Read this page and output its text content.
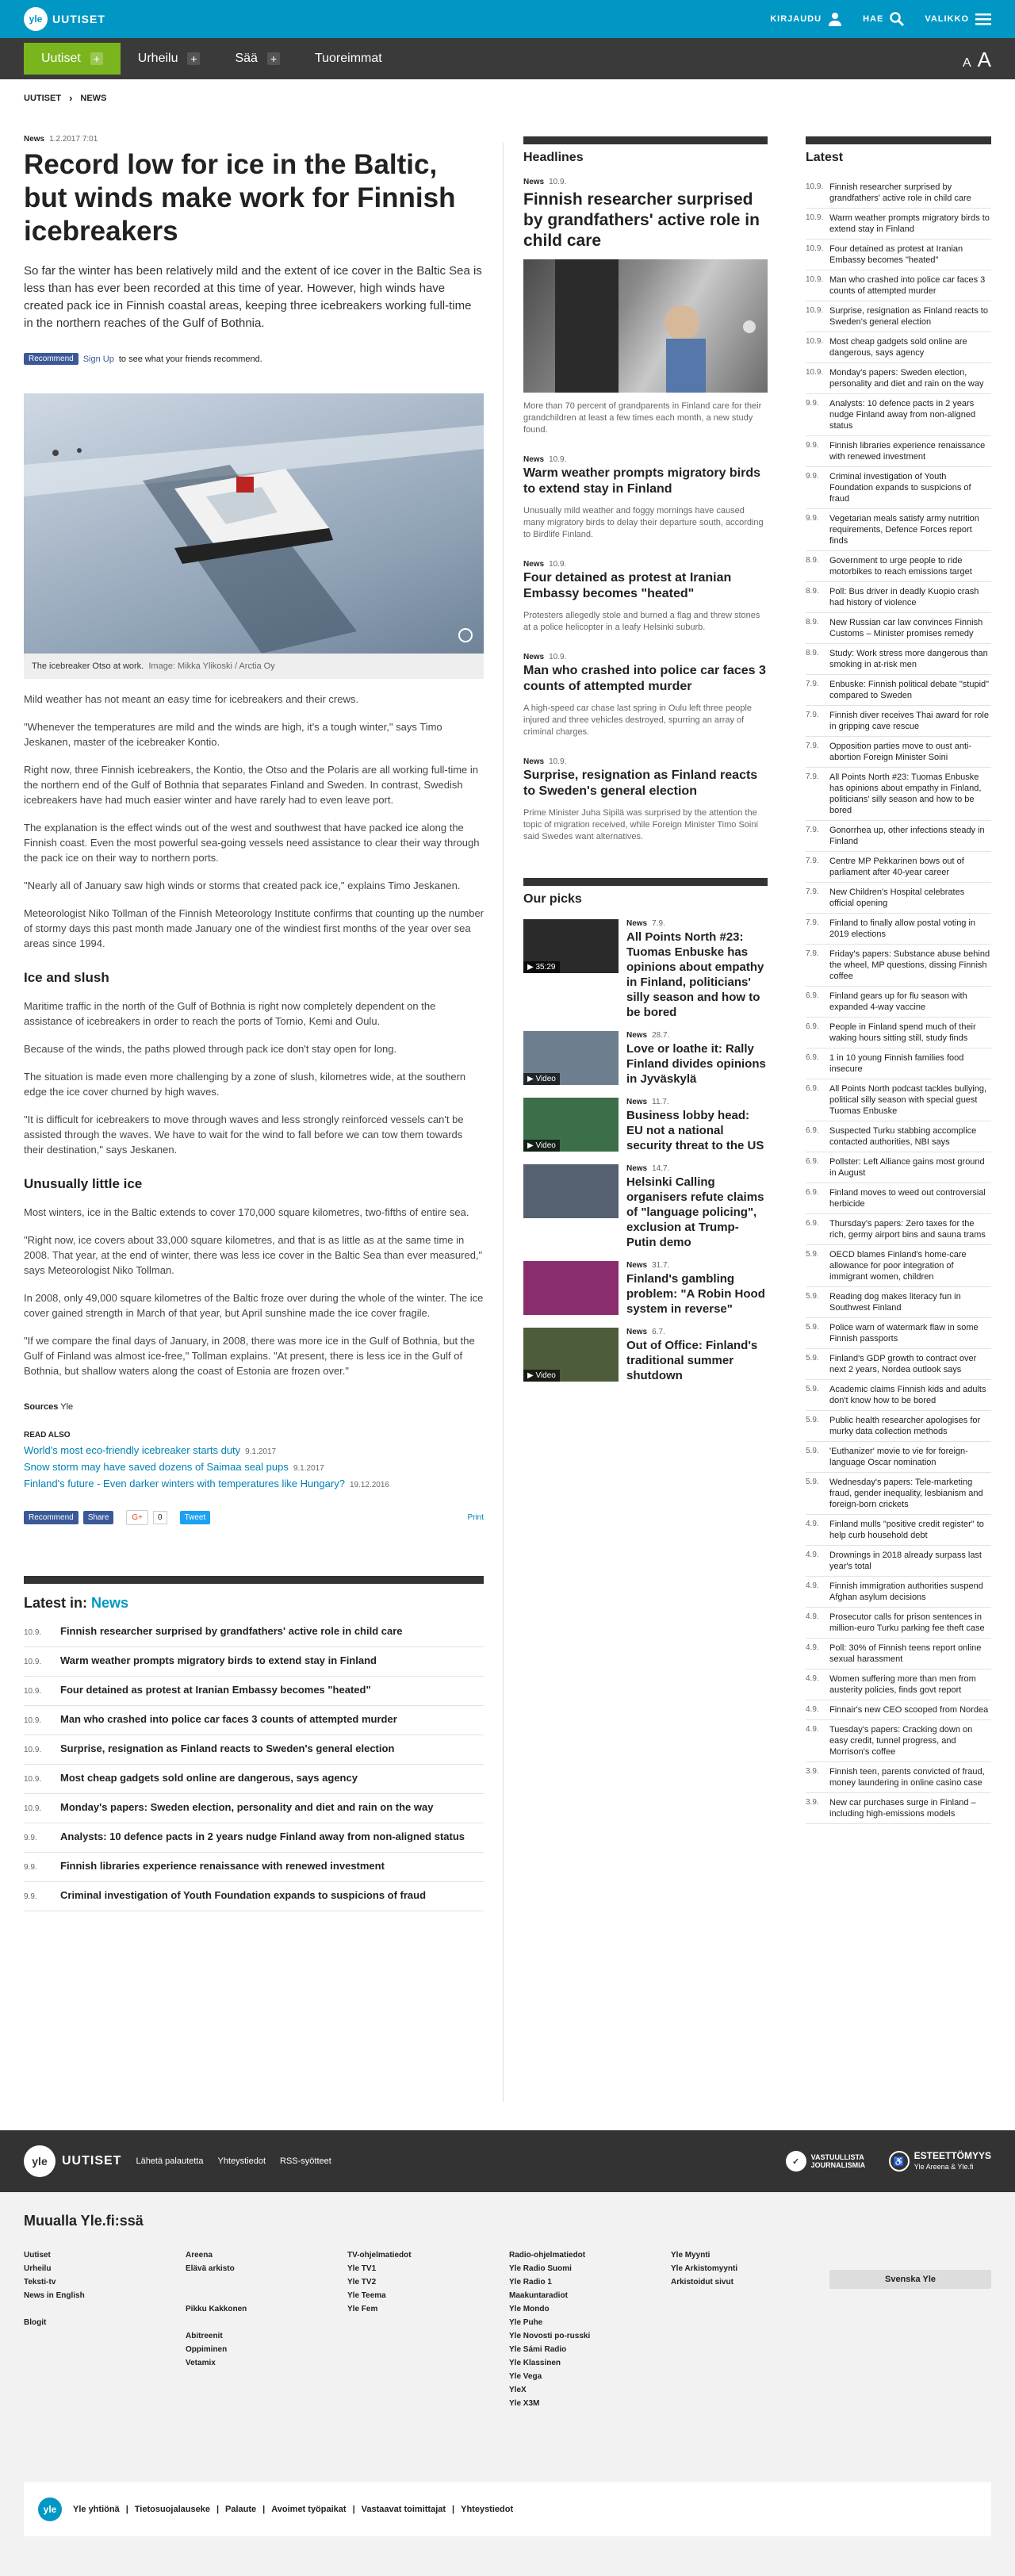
yle UUTISET	KIRJAUDU	HAE	VALIKKO
Uutiset +	Urheilu +	Sää +	Tuoreimmat	A A
UUTISET › NEWS
News 1.2.2017 7:01
Record low for ice in the Baltic, but winds make work for Finnish icebreakers

So far the winter has been relatively mild and the extent of ice cover in the Baltic Sea is less than has ever been recorded at this time of year. However, high winds have created pack ice in Finnish coastal areas, keeping three icebreakers working full-time in the northern reaches of the Gulf of Bothnia.

Recommend	Sign Up to see what your friends recommend.
The icebreaker Otso at work. Image: Mikka Ylikoski / Arctia Oy

Mild weather has not meant an easy time for icebreakers and their crews.

"Whenever the temperatures are mild and the winds are high, it's a tough winter," says Timo Jeskanen, master of the icebreaker Kontio.

Right now, three Finnish icebreakers, the Kontio, the Otso and the Polaris are all working full-time in the northern end of the Gulf of Bothnia that separates Finland and Sweden. In contrast, Swedish icebreakers have had much easier winter and have rarely had to even leave port.

The explanation is the effect winds out of the west and southwest that have packed ice along the Finnish coast. Even the most powerful sea-going vessels need assistance to clear their way through the pack ice on their way to northern ports.

"Nearly all of January saw high winds or storms that created pack ice," explains Timo Jeskanen.

Meteorologist Niko Tollman of the Finnish Meteorology Institute confirms that counting up the number of stormy days this past month made January one of the windiest first months of the year over sea areas since 1994.

Ice and slush

Maritime traffic in the north of the Gulf of Bothnia is right now completely dependent on the assistance of icebreakers in order to reach the ports of Tornio, Kemi and Oulu.

Because of the winds, the paths plowed through pack ice don't stay open for long.

The situation is made even more challenging by a zone of slush, kilometres wide, at the southern edge the ice cover churned by high waves.

"It is difficult for icebreakers to move through waves and less strongly reinforced vessels can't be assisted through the waves. We have to wait for the wind to fall before we can tow them towards their destination," says Jeskanen.

Unusually little ice

Most winters, ice in the Baltic extends to cover 170,000 square kilometres, two-fifths of entire sea.

"Right now, ice covers about 33,000 square kilometres, and that is as little as at the same time in 2008. That year, at the end of winter, there was less ice cover in the Baltic Sea than ever measured," says Meteorologist Niko Tollman.

In 2008, only 49,000 square kilometres of the Baltic froze over during the whole of the winter. The ice cover gained strength in March of that year, but April sunshine made the ice cover fragile.

"If we compare the final days of January, in 2008, there was more ice in the Gulf of Bothnia, but the Gulf of Finland was almost ice-free," Tollman explains. "At present, there is less ice in the Gulf of Bothnia, but shallow waters along the coast of Estonia are frozen over."

Sources Yle
READ ALSO
World's most eco-friendly icebreaker starts duty 9.1.2017
Snow storm may have saved dozens of Saimaa seal pups 9.1.2017
Finland's future - Even darker winters with temperatures like Hungary? 19.12.2016
Recommend	Share	G+	0	Tweet	Print
Latest in: News
10.9.	Finnish researcher surprised by grandfathers' active role in child care
10.9.	Warm weather prompts migratory birds to extend stay in Finland
10.9.	Four detained as protest at Iranian Embassy becomes "heated"
10.9.	Man who crashed into police car faces 3 counts of attempted murder
10.9.	Surprise, resignation as Finland reacts to Sweden's general election
10.9.	Most cheap gadgets sold online are dangerous, says agency
10.9.	Monday's papers: Sweden election, personality and diet and rain on the way
9.9.	Analysts: 10 defence pacts in 2 years nudge Finland away from non-aligned status
9.9.	Finnish libraries experience renaissance with renewed investment
9.9.	Criminal investigation of Youth Foundation expands to suspicions of fraud
Headlines
News 10.9.
Finnish researcher surprised by grandfathers' active role in child care

More than 70 percent of grandparents in Finland care for their grandchildren at least a few times each month, a new study found.

News 10.9.
Warm weather prompts migratory birds to extend stay in Finland

Unusually mild weather and foggy mornings have caused many migratory birds to delay their departure south, according to Birdlife Finland.

News 10.9.
Four detained as protest at Iranian Embassy becomes "heated"

Protesters allegedly stole and burned a flag and threw stones at a police helicopter in a leafy Helsinki suburb.

News 10.9.
Man who crashed into police car faces 3 counts of attempted murder

A high-speed car chase last spring in Oulu left three people injured and three vehicles destroyed, spurring an array of criminal charges.

News 10.9.
Surprise, resignation as Finland reacts to Sweden's general election

Prime Minister Juha Sipilä was surprised by the attention the topic of migration received, while Foreign Minister Timo Soini said Swedes want alternatives.

Our picks
▶ 35:29
News 7.9.
All Points North #23: Tuomas Enbuske has opinions about empathy in Finland, politicians' silly season and how to be bored
▶ Video
News 28.7.
Love or loathe it: Rally Finland divides opinions in Jyväskylä
▶ Video
News 11.7.
Business lobby head: EU not a national security threat to the US
News 14.7.
Helsinki Calling organisers refute claims of "language policing", exclusion at Trump-Putin demo
News 31.7.
Finland's gambling problem: "A Robin Hood system in reverse"
▶ Video
News 6.7.
Out of Office: Finland's traditional summer shutdown
Latest
10.9. Finnish researcher surprised by grandfathers' active role in child care
10.9. Warm weather prompts migratory birds to extend stay in Finland
10.9. Four detained as protest at Iranian Embassy becomes "heated"
10.9. Man who crashed into police car faces 3 counts of attempted murder
10.9. Surprise, resignation as Finland reacts to Sweden's general election
10.9. Most cheap gadgets sold online are dangerous, says agency
10.9. Monday's papers: Sweden election, personality and diet and rain on the way
9.9.	Analysts: 10 defence pacts in 2 years nudge Finland away from non-aligned status
9.9.	Finnish libraries experience renaissance with renewed investment
9.9.	Criminal investigation of Youth Foundation expands to suspicions of fraud
9.9.	Vegetarian meals satisfy army nutrition requirements, Defence Forces report finds
8.9.	Government to urge people to ride motorbikes to reach emissions target
8.9.	Poll: Bus driver in deadly Kuopio crash had history of violence
8.9.	New Russian car law convinces Finnish Customs – Minister promises remedy
8.9.	Study: Work stress more dangerous than smoking in at-risk men
7.9.	Enbuske: Finnish political debate "stupid" compared to Sweden
7.9.	Finnish diver receives Thai award for role in gripping cave rescue
7.9.	Opposition parties move to oust anti-abortion Foreign Minister Soini
7.9.	All Points North #23: Tuomas Enbuske has opinions about empathy in Finland, politicians' silly season and how to be bored
7.9.	Gonorrhea up, other infections steady in Finland
7.9.	Centre MP Pekkarinen bows out of parliament after 40-year career
7.9.	New Children's Hospital celebrates official opening
7.9.	Finland to finally allow postal voting in 2019 elections
7.9.	Friday's papers: Substance abuse behind the wheel, MP questions, dissing Finnish coffee
6.9.	Finland gears up for flu season with expanded 4-way vaccine
6.9.	People in Finland spend much of their waking hours sitting still, study finds
6.9.	1 in 10 young Finnish families food insecure
6.9.	All Points North podcast tackles bullying, political silly season with special guest Tuomas Enbuske
6.9.	Suspected Turku stabbing accomplice contacted authorities, NBI says
6.9.	Pollster: Left Alliance gains most ground in August
6.9.	Finland moves to weed out controversial herbicide
6.9.	Thursday's papers: Zero taxes for the rich, germy airport bins and sauna trams
5.9.	OECD blames Finland's home-care allowance for poor integration of immigrant women, children
5.9.	Reading dog makes literacy fun in Southwest Finland
5.9.	Police warn of watermark flaw in some Finnish passports
5.9.	Finland's GDP growth to contract over next 2 years, Nordea outlook says
5.9.	Academic claims Finnish kids and adults don't know how to be bored
5.9.	Public health researcher apologises for murky data collection methods
5.9.	'Euthanizer' movie to vie for foreign-language Oscar nomination
5.9.	Wednesday's papers: Tele-marketing fraud, gender inequality, lesbianism and foreign-born crickets
4.9.	Finland mulls "positive credit register" to help curb household debt
4.9.	Drownings in 2018 already surpass last year's total
4.9.	Finnish immigration authorities suspend Afghan asylum decisions
4.9.	Prosecutor calls for prison sentences in million-euro Turku parking fee theft case
4.9.	Poll: 30% of Finnish teens report online sexual harassment
4.9.	Women suffering more than men from austerity policies, finds govt report
4.9.	Finnair's new CEO scooped from Nordea
4.9.	Tuesday's papers: Cracking down on easy credit, tunnel progress, and Morrison's coffee
3.9.	Finnish teen, parents convicted of fraud, money laundering in online casino case
3.9.	New car purchases surge in Finland – including high-emissions models
yle	UUTISET Lähetä palautetta Yhteystiedot RSS-syötteet	✓	VASTUULLISTA JOURNALISMIA	♿
ESTEETTÖMYYS
Yle Areena & Yle.fi
Muualla Yle.fi:ssä
Uutiset
Urheilu
Teksti-tv
News in English

Blogit
Areena
Elävä arkisto

Pikku Kakkonen

Abitreenit
Oppiminen
Vetamix
TV-ohjelmatiedot
Yle TV1
Yle TV2
Yle Teema
Yle Fem
Radio-ohjelmatiedot
Yle Radio Suomi
Yle Radio 1
Maakuntaradiot
Yle Mondo
Yle Puhe
Yle Novosti po-russki
Yle Sámi Radio
Yle Klassinen
Yle Vega
YleX
Yle X3M
Yle Myynti
Yle Arkistomyynti
Arkistoidut sivut	Svenska Yle
yle	Yle yhtiönä | Tietosuojalauseke | Palaute | Avoimet työpaikat | Vastaavat toimittajat | Yhteystiedot
